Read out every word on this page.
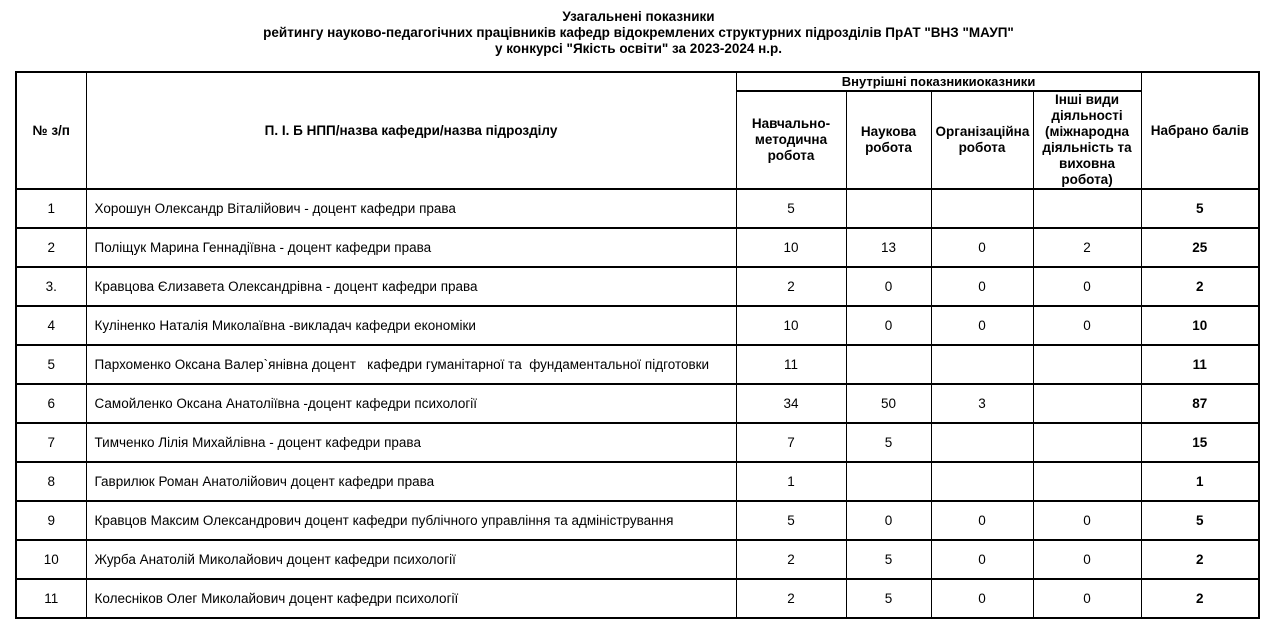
Узагальнені показники
рейтингу науково-педагогічних працівників кафедр відокремлених структурних підрозділів ПрАТ "ВНЗ "МАУП"
у конкурсі "Якість освіти" за 2023-2024 н.р.
№ з/п	П. І. Б НПП/назва кафедри/назва підрозділу	Внутрішні показникиоказники				Набрано балів
		Навчально-методична робота	Наукова робота	Організаційна робота	Інші види діяльності (міжнародна діяльність та виховна робота)	
1	Хорошун Олександр Віталійович - доцент кафедри права	5				5
2	Поліщук Марина Геннадіївна - доцент кафедри права	10	13	0	2	25
3.	Кравцова Єлизавета Олександрівна - доцент кафедри права	2	0	0	0	2
4	Куліненко Наталія Миколаївна -викладач кафедри економіки	10	0	0	0	10
5	Пархоменко Оксана Валер`янівна доцент   кафедри гуманітарної та  фундаментальної підготовки	11				11
6	Самойленко Оксана Анатоліївна -доцент кафедри психології	34	50	3		87
7	Тимченко Лілія Михайлівна - доцент кафедри права	7	5			15
8	Гаврилюк Роман Анатолійович доцент кафедри права	1				1
9	Кравцов Максим Олександрович доцент кафедри публічного управління та адміністрування	5	0	0	0	5
10	Журба Анатолій Миколайович доцент кафедри психології	2	5	0	0	2
11	Колесніков Олег Миколайович доцент кафедри психології	2	5	0	0	2
